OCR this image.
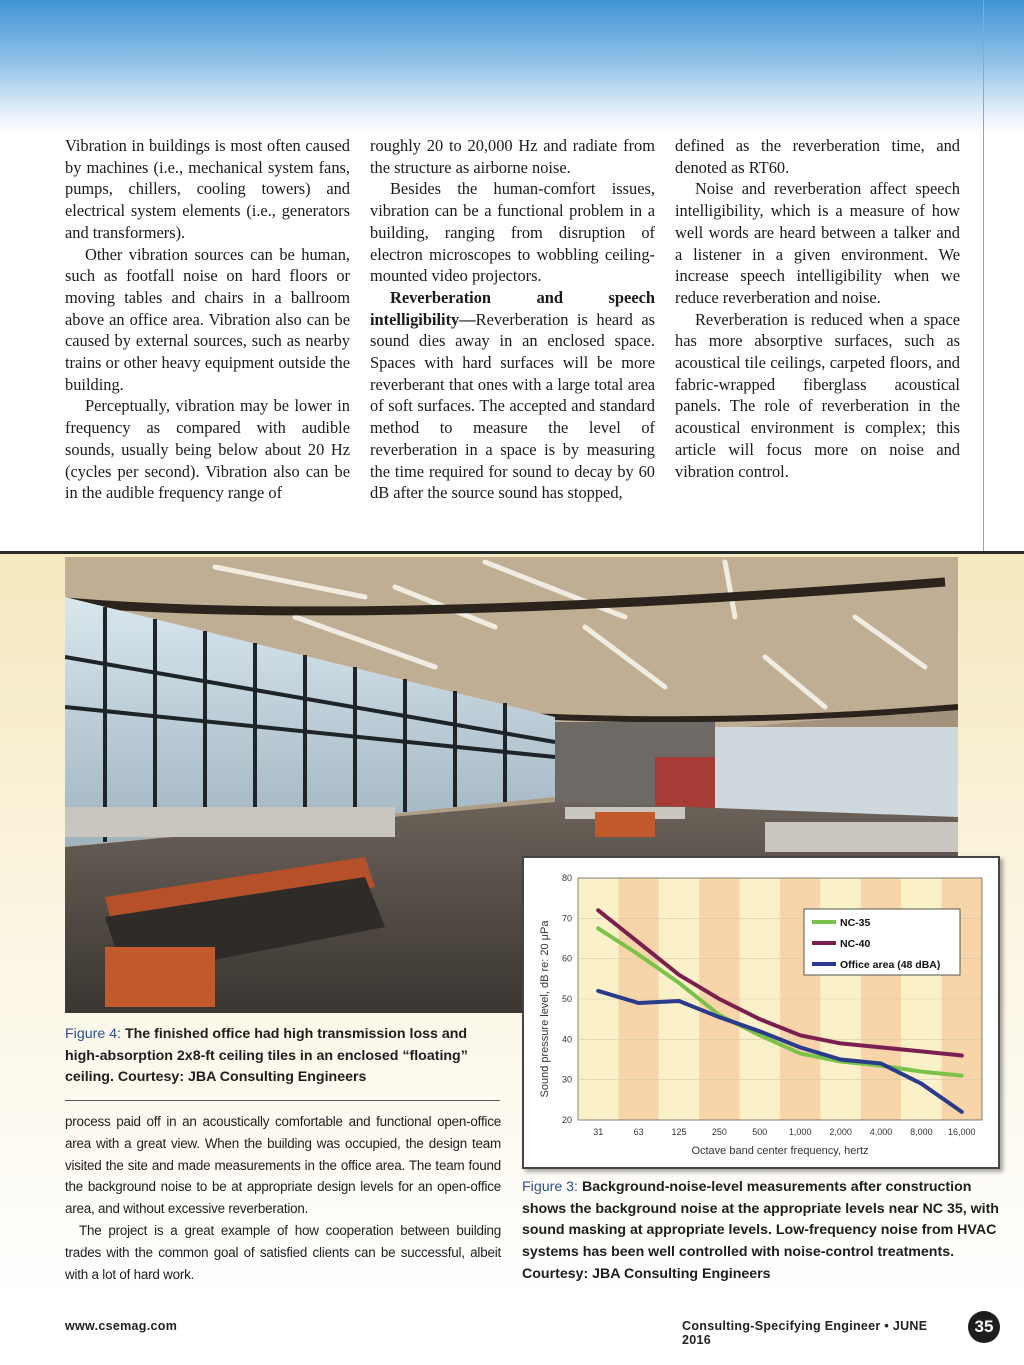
Vibration in buildings is most often caused by machines (i.e., mechanical system fans, pumps, chillers, cooling towers) and electrical system elements (i.e., generators and transformers).

Other vibration sources can be human, such as footfall noise on hard floors or moving tables and chairs in a ballroom above an office area. Vibration also can be caused by external sources, such as nearby trains or other heavy equipment outside the building.

Perceptually, vibration may be lower in frequency as compared with audible sounds, usually being below about 20 Hz (cycles per second). Vibration also can be in the audible frequency range of

roughly 20 to 20,000 Hz and radiate from the structure as airborne noise.

Besides the human-comfort issues, vibration can be a functional problem in a building, ranging from disruption of electron microscopes to wobbling ceiling-mounted video projectors.

Reverberation and speech intelligibility—Reverberation is heard as sound dies away in an enclosed space. Spaces with hard surfaces will be more reverberant that ones with a large total area of soft surfaces. The accepted and standard method to measure the level of reverberation in a space is by measuring the time required for sound to decay by 60 dB after the source sound has stopped,

defined as the reverberation time, and denoted as RT60.

Noise and reverberation affect speech intelligibility, which is a measure of how well words are heard between a talker and a listener in a given environment. We increase speech intelligibility when we reduce reverberation and noise.

Reverberation is reduced when a space has more absorptive surfaces, such as acoustical tile ceilings, carpeted floors, and fabric-wrapped fiberglass acoustical panels. The role of reverberation in the acoustical environment is complex; this article will focus more on noise and vibration control.

Figure 4: The finished office had high transmission loss and high-absorption 2x8-ft ceiling tiles in an enclosed “floating” ceiling. Courtesy: JBA Consulting Engineers

process paid off in an acoustically comfortable and functional open-office area with a great view. When the building was occupied, the design team visited the site and made measurements in the office area. The team found the background noise to be at appropriate design levels for an open-office area, and without excessive reverberation.

The project is a great example of how cooperation between building trades with the common goal of satisfied clients can be successful, albeit with a lot of hard work.

20
30
40
50
60
70
80
31	63	125	250	500 1,000 2,000 4,000 8,000 16,000
Octave band center frequency, hertz
Sound pressure level, dB re: 20 μPa	NC-35
NC-40
Office area (48 dBA)
Figure 3: Background-noise-level measurements after construction shows the background noise at the appropriate levels near NC 35, with sound masking at appropriate levels. Low-frequency noise from HVAC systems has been well controlled with noise-control treatments. Courtesy: JBA Consulting Engineers
www.csemag.com	Consulting-Specifying Engineer • JUNE 2016
35
